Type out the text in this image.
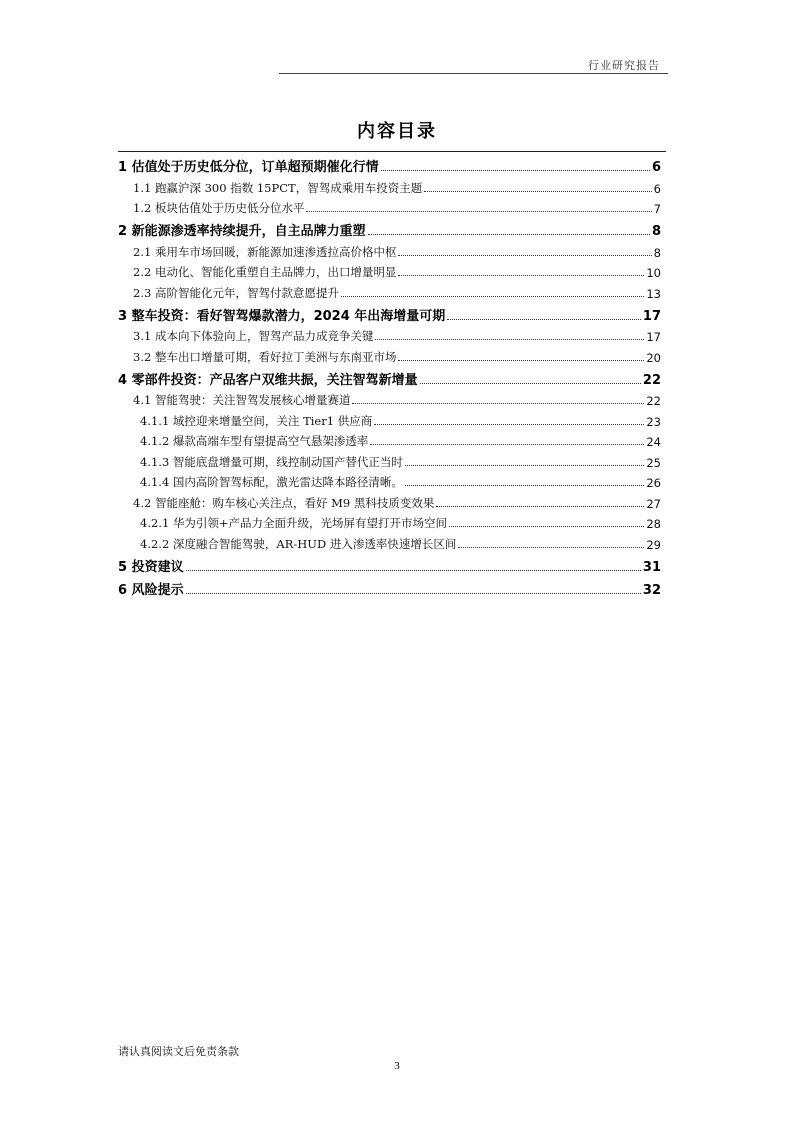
行业研究报告
内容目录
1 估值处于历史低分位，订单超预期催化行情	6
1.1 跑赢沪深 300 指数 15PCT，智驾成乘用车投资主题	6
1.2 板块估值处于历史低分位水平	7
2 新能源渗透率持续提升，自主品牌力重塑	8
2.1 乘用车市场回暖，新能源加速渗透拉高价格中枢	8
2.2 电动化、智能化重塑自主品牌力，出口增量明显	10
2.3 高阶智能化元年，智驾付款意愿提升	13
3 整车投资：看好智驾爆款潜力，2024 年出海增量可期	17
3.1 成本向下体验向上，智驾产品力成竞争关键	17
3.2 整车出口增量可期，看好拉丁美洲与东南亚市场	20
4 零部件投资：产品客户双维共振，关注智驾新增量	22
4.1 智能驾驶：关注智驾发展核心增量赛道	22
4.1.1 域控迎来增量空间，关注 Tier1 供应商	23
4.1.2 爆款高端车型有望提高空气悬架渗透率	24
4.1.3 智能底盘增量可期，线控制动国产替代正当时	25
4.1.4 国内高阶智驾标配，激光雷达降本路径清晰。	26
4.2 智能座舱：购车核心关注点，看好 M9 黑科技质变效果	27
4.2.1 华为引领+产品力全面升级，光场屏有望打开市场空间	28
4.2.2 深度融合智能驾驶，AR-HUD 进入渗透率快速增长区间	29
5 投资建议	31
6 风险提示	32
请认真阅读文后免责条款
3
